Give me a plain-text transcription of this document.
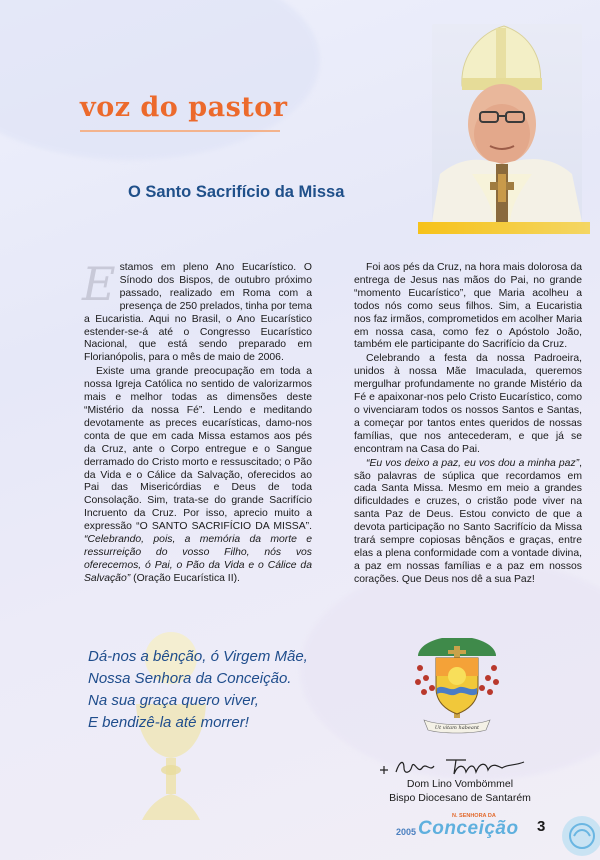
voz do pastor
O Santo Sacrifício da Missa
E stamos em pleno Ano Eucarístico. O Sínodo dos Bispos, de outubro próximo passado, realizado em Roma com a presença de 250 prelados, tinha por tema a Eucaristia. Aqui no Brasil, o Ano Eucarístico estender-se-á até o Congresso Eucarístico Nacional, que está sendo preparado em Florianópolis, para o mês de maio de 2006.

Existe uma grande preocupação em toda a nossa Igreja Católica no sentido de valorizarmos mais e melhor todas as dimensões deste “Mistério da nossa Fé”. Lendo e meditando devotamente as preces eucarísticas, damo-nos conta de que em cada Missa estamos aos pés da Cruz, ante o Corpo entregue e o Sangue derramado do Cristo morto e ressuscitado; o Pão da Vida e o Cálice da Salvação, oferecidos ao Pai das Misericórdias e Deus de toda Consolação. Sim, trata-se do grande Sacrifício Incruento da Cruz. Por isso, aprecio muito a expressão “O SANTO SACRIFÍCIO DA MISSA”. “Celebrando, pois, a memória da morte e ressurreição do vosso Filho, nós vos oferecemos, ó Pai, o Pão da Vida e o Cálice da Salvação” (Oração Eucarística II).

Foi aos pés da Cruz, na hora mais dolorosa da entrega de Jesus nas mãos do Pai, no grande “momento Eucarístico”, que Maria acolheu a todos nós como seus filhos. Sim, a Eucaristia nos faz irmãos, comprometidos em acolher Maria em nossa casa, como fez o Apóstolo João, também ele participante do Sacrifício da Cruz.

Celebrando a festa da nossa Padroeira, unidos à nossa Mãe Imaculada, queremos mergulhar profundamente no grande Mistério da Fé e apaixonar-nos pelo Cristo Eucarístico, como o vivenciaram todos os nossos Santos e Santas, a começar por tantos entes queridos de nossas famílias, que nos antecederam, e que já se encontram na Casa do Pai.

“Eu vos deixo a paz, eu vos dou a minha paz”, são palavras de súplica que recordamos em cada Santa Missa. Mesmo em meio a grandes dificuldades e cruzes, o cristão pode viver na santa Paz de Deus. Estou convicto de que a devota participação no Santo Sacrifício da Missa trará sempre copiosas bênçãos e graças, entre elas a plena conformidade com a vontade divina, a paz em nossas famílias e a paz em nossos corações. Que Deus nos dê a sua Paz!

Dá-nos a bênção, ó Virgem Mãe,
Nossa Senhora da Conceição.
Na sua graça quero viver,
E bendizê-la até morrer!	Ut vitam habeant
Dom Lino Vombömmel
Bispo Diocesano de Santarém
2005
N. SENHORA DA
Conceição 3
